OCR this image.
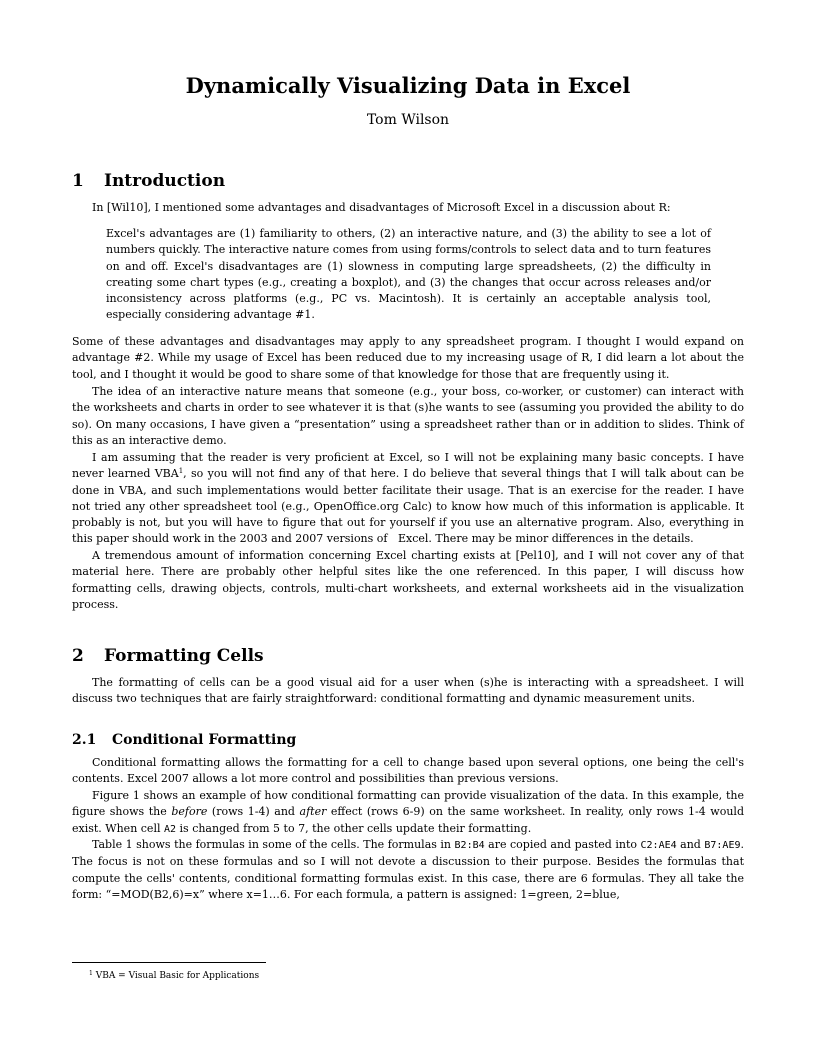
Dynamically Visualizing Data in Excel
Tom Wilson
1 Introduction

In [Wil10], I mentioned some advantages and disadvantages of Microsoft Excel in a discussion about R:

Excel's advantages are (1) familiarity to others, (2) an interactive nature, and (3) the ability to see a lot of numbers quickly. The interactive nature comes from using forms/controls to select data and to turn features on and off. Excel's disadvantages are (1) slowness in computing large spreadsheets, (2) the difficulty in creating some chart types (e.g., creating a boxplot), and (3) the changes that occur across releases and/or inconsistency across platforms (e.g., PC vs. Macintosh). It is certainly an acceptable analysis tool, especially considering advantage #1.

Some of these advantages and disadvantages may apply to any spreadsheet program. I thought I would expand on advantage #2. While my usage of Excel has been reduced due to my increasing usage of R, I did learn a lot about the tool, and I thought it would be good to share some of that knowledge for those that are frequently using it.

The idea of an interactive nature means that someone (e.g., your boss, co-worker, or customer) can interact with the worksheets and charts in order to see whatever it is that (s)he wants to see (assuming you provided the ability to do so). On many occasions, I have given a “presentation” using a spreadsheet rather than or in addition to slides. Think of this as an interactive demo.

I am assuming that the reader is very proficient at Excel, so I will not be explaining many basic concepts. I have never learned VBA$^1$, so you will not find any of that here. I do believe that several things that I will talk about can be done in VBA, and such implementations would better facilitate their usage. That is an exercise for the reader. I have not tried any other spreadsheet tool (e.g., OpenOffice.org Calc) to know how much of this information is applicable. It probably is not, but you will have to figure that out for yourself if you use an alternative program. Also, everything in this paper should work in the 2003 and 2007 versions of   Excel. There may be minor differences in the details.

A tremendous amount of information concerning Excel charting exists at [Pel10], and I will not cover any of that material here. There are probably other helpful sites like the one referenced. In this paper, I will discuss how formatting cells, drawing objects, controls, multi-chart worksheets, and external worksheets aid in the visualization process.

2 Formatting Cells

The formatting of cells can be a good visual aid for a user when (s)he is interacting with a spreadsheet. I will discuss two techniques that are fairly straightforward: conditional formatting and dynamic measurement units.

2.1 Conditional Formatting

Conditional formatting allows the formatting for a cell to change based upon several options, one being the cell's contents. Excel 2007 allows a lot more control and possibilities than previous versions.

Figure 1 shows an example of how conditional formatting can provide visualization of the data. In this example, the figure shows the before (rows 1-4) and after effect (rows 6-9) on the same worksheet. In reality, only rows 1-4 would exist. When cell A2 is changed from 5 to 7, the other cells update their formatting.

Table 1 shows the formulas in some of the cells. The formulas in B2:B4 are copied and pasted into C2:AE4 and B7:AE9. The focus is not on these formulas and so I will not devote a discussion to their purpose. Besides the formulas that compute the cells' contents, conditional formatting formulas exist. In this case, there are 6 formulas. They all take the form: “=MOD(B2,6)=x” where x=1…6. For each formula, a pattern is assigned: 1=green, 2=blue,

$^1$ VBA = Visual Basic for Applications
